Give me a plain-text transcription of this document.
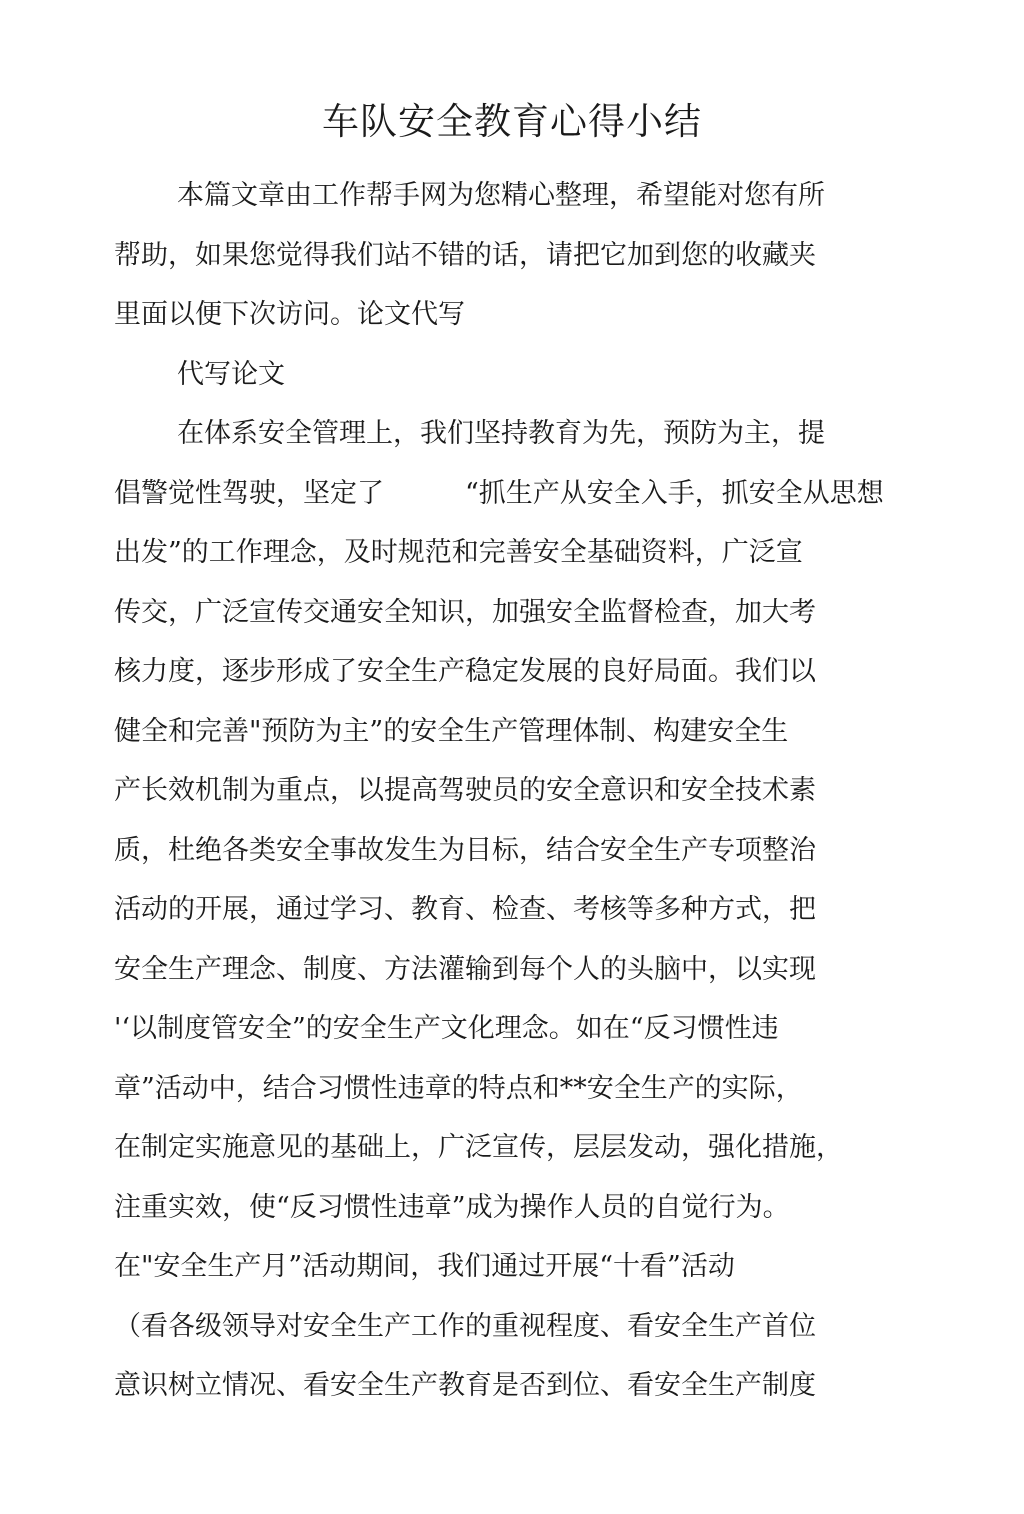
车队安全教育心得小结
本篇文章由工作帮手网为您精心整理，希望能对您有所
帮助，如果您觉得我们站不错的话，请把它加到您的收藏夹
里面以便下次访问。论文代写
代写论文
在体系安全管理上，我们坚持教育为先，预防为主，提
倡警觉性驾驶，坚定了　　　“抓生产从安全入手，抓安全从思想
出发”的工作理念，及时规范和完善安全基础资料，广泛宣
传交，广泛宣传交通安全知识，加强安全监督检查，加大考
核力度，逐步形成了安全生产稳定发展的良好局面。我们以
健全和完善"预防为主”的安全生产管理体制、构建安全生
产长效机制为重点，以提高驾驶员的安全意识和安全技术素
质，杜绝各类安全事故发生为目标，结合安全生产专项整治
活动的开展，通过学习、教育、检查、考核等多种方式，把
安全生产理念、制度、方法灌输到每个人的头脑中，以实现
'‘以制度管安全”的安全生产文化理念。如在“反习惯性违
章”活动中，结合习惯性违章的特点和**安全生产的实际，
在制定实施意见的基础上，广泛宣传，层层发动，强化措施，
注重实效，使“反习惯性违章”成为操作人员的自觉行为。
在"安全生产月”活动期间，我们通过开展“十看”活动
（看各级领导对安全生产工作的重视程度、看安全生产首位
意识树立情况、看安全生产教育是否到位、看安全生产制度
